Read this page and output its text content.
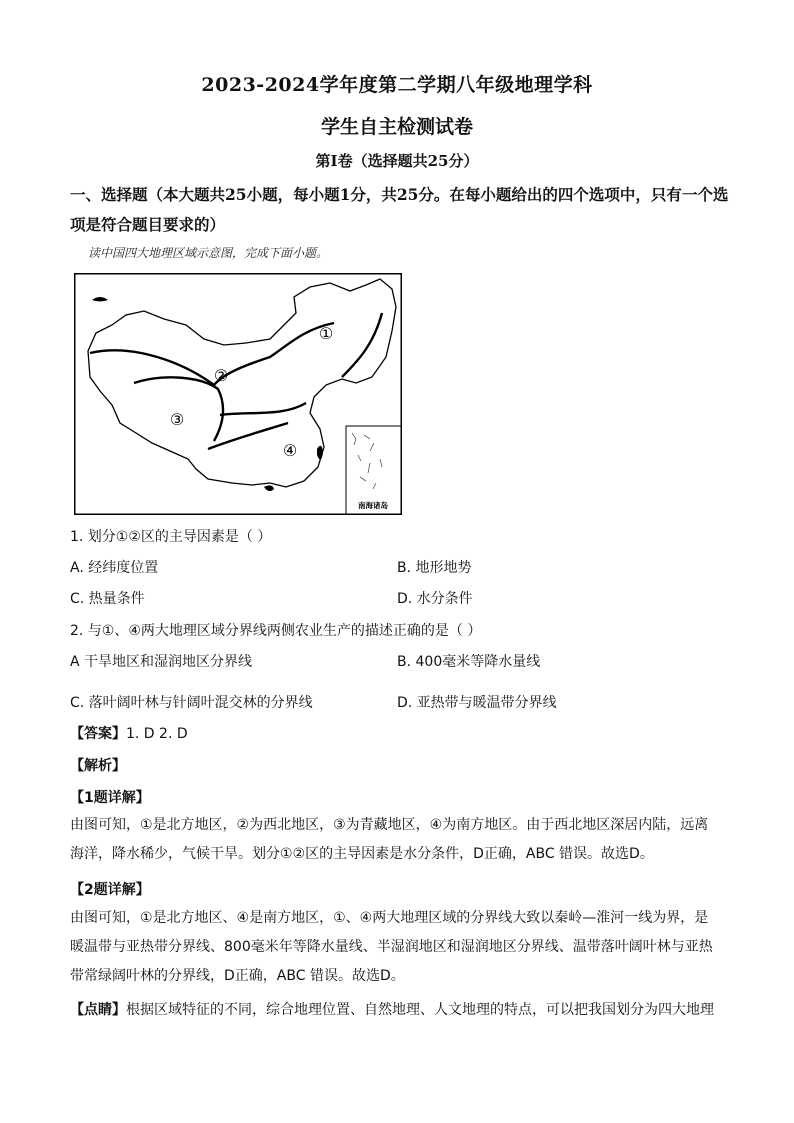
2023-2024学年度第二学期八年级地理学科
学生自主检测试卷
第Ⅰ卷（选择题共25分）
一、选择题（本大题共25小题，每小题1分，共25分。在每小题给出的四个选项中，只有一个选项是符合题目要求的）
读中国四大地理区域示意图，完成下面小题。
①
②
③
④
南海诸岛
1. 划分①②区的主导因素是（ ）
A. 经纬度位置	B. 地形地势
C. 热量条件	D. 水分条件
2. 与①、④两大地理区域分界线两侧农业生产的描述正确的是（ ）
A 干旱地区和湿润地区分界线	B. 400毫米等降水量线
C. 落叶阔叶林与针阔叶混交林的分界线	D. 亚热带与暖温带分界线
【答案】1. D 2. D
【解析】
【1题详解】
由图可知，①是北方地区，②为西北地区，③为青藏地区，④为南方地区。由于西北地区深居内陆，远离海洋，降水稀少，气候干旱。划分①②区的主导因素是水分条件，D正确，ABC 错误。故选D。
【2题详解】
由图可知，①是北方地区、④是南方地区，①、④两大地理区域的分界线大致以秦岭—淮河一线为界，是暖温带与亚热带分界线、800毫米年等降水量线、半湿润地区和湿润地区分界线、温带落叶阔叶林与亚热带常绿阔叶林的分界线，D正确，ABC 错误。故选D。
【点睛】根据区域特征的不同，综合地理位置、自然地理、人文地理的特点，可以把我国划分为四大地理
